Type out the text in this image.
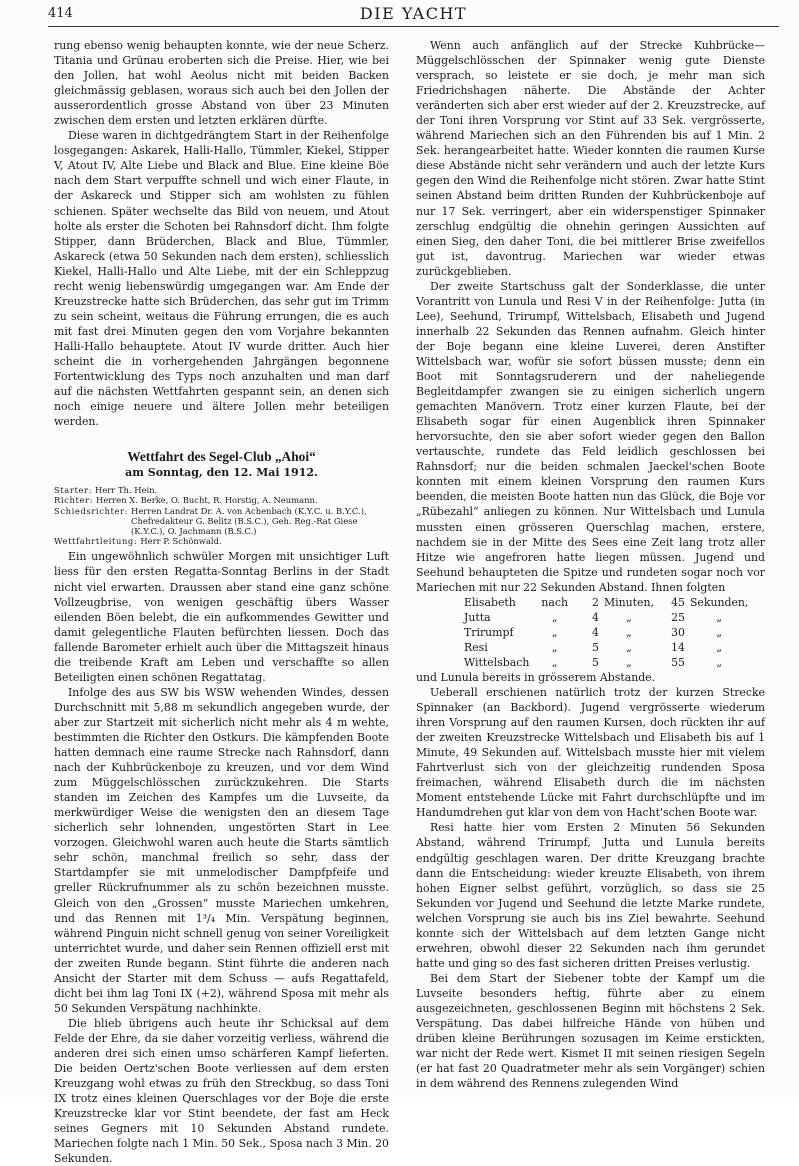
414	DIE YACHT

rung ebenso wenig behaupten konnte, wie der neue Scherz. Titania und Grünau eroberten sich die Preise. Hier, wie bei den Jollen, hat wohl Aeolus nicht mit beiden Backen gleichmässig geblasen, woraus sich auch bei den Jollen der ausserordentlich grosse Abstand von über 23 Minuten zwischen dem ersten und letzten erklären dürfte.

Diese waren in dichtgedrängtem Start in der Reihenfolge losgegangen: Askarek, Halli-Hallo, Tümmler, Kiekel, Stipper V, Atout IV, Alte Liebe und Black and Blue. Eine kleine Böe nach dem Start verpuffte schnell und wich einer Flaute, in der Askareck und Stipper sich am wohlsten zu fühlen schienen. Später wechselte das Bild von neuem, und Atout holte als erster die Schoten bei Rahnsdorf dicht. Ihm folgte Stipper, dann Brüderchen, Black and Blue, Tümmler, Askareck (etwa 50 Sekunden nach dem ersten), schliesslich Kiekel, Halli-Hallo und Alte Liebe, mit der ein Schleppzug recht wenig liebenswürdig umgegangen war. Am Ende der Kreuzstrecke hatte sich Brüderchen, das sehr gut im Trimm zu sein scheint, weitaus die Führung errungen, die es auch mit fast drei Minuten gegen den vom Vorjahre bekannten Halli-Hallo behauptete. Atout IV wurde dritter. Auch hier scheint die in vorhergehenden Jahrgängen begonnene Fortentwicklung des Typs noch anzuhalten und man darf auf die nächsten Wettfahrten gespannt sein, an denen sich noch einige neuere und ältere Jollen mehr beteiligen werden.

Wettfahrt des Segel-Club „Ahoi“
am Sonntag, den 12. Mai 1912.
Starter: Herr Th. Hein.
Richter: Herren X. Berke, O. Bucht, R. Horstig, A. Neumann.
Schiedsrichter: Herren Landrat Dr. A. von Achenbach (K.Y.C. u. B.Y.C.), Chefredakteur G. Belitz (B.S.C.), Geh. Reg.-Rat Giese (K.Y.C.), O. Jachmann (B.S.C.)
Wettfahrtleitung: Herr P. Schönwald.

Ein ungewöhnlich schwüler Morgen mit unsichtiger Luft liess für den ersten Regatta-Sonntag Berlins in der Stadt nicht viel erwarten. Draussen aber stand eine ganz schöne Vollzeugbrise, von wenigen geschäftig übers Wasser eilenden Böen belebt, die ein aufkommendes Gewitter und damit gelegentliche Flauten befürchten liessen. Doch das fallende Barometer erhielt auch über die Mittagszeit hinaus die treibende Kraft am Leben und verschaffte so allen Beteiligten einen schönen Regattatag.

Infolge des aus SW bis WSW wehenden Windes, dessen Durchschnitt mit 5,88 m sekundlich angegeben wurde, der aber zur Startzeit mit sicherlich nicht mehr als 4 m wehte, bestimmten die Richter den Ostkurs. Die kämpfenden Boote hatten demnach eine raume Strecke nach Rahnsdorf, dann nach der Kuhbrückenboje zu kreuzen, und vor dem Wind zum Müggelschlösschen zurückzukehren. Die Starts standen im Zeichen des Kampfes um die Luvseite, da merkwürdiger Weise die wenigsten den an diesem Tage sicherlich sehr lohnenden, ungestörten Start in Lee vorzogen. Gleichwohl waren auch heute die Starts sämtlich sehr schön, manchmal freilich so sehr, dass der Startdampfer sie mit unmelodischer Dampfpfeife und greller Rückrufnummer als zu schön bezeichnen musste. Gleich von den „Grossen“ musste Mariechen umkehren, und das Rennen mit 1³/₄ Min. Verspätung beginnen, während Pinguin nicht schnell genug von seiner Voreiligkeit unterrichtet wurde, und daher sein Rennen offiziell erst mit der zweiten Runde begann. Stint führte die anderen nach Ansicht der Starter mit dem Schuss — aufs Regattafeld, dicht bei ihm lag Toni IX (+2), während Sposa mit mehr als 50 Sekunden Verspätung nachhinkte.

Die blieb übrigens auch heute ihr Schicksal auf dem Felde der Ehre, da sie daher vorzeitig verliess, während die anderen drei sich einen umso schärferen Kampf lieferten. Die beiden Oertz'schen Boote verliessen auf dem ersten Kreuzgang wohl etwas zu früh den Streckbug, so dass Toni IX trotz eines kleinen Querschlages vor der Boje die erste Kreuzstrecke klar vor Stint beendete, der fast am Heck seines Gegners mit 10 Sekunden Abstand rundete. Mariechen folgte nach 1 Min. 50 Sek., Sposa nach 3 Min. 20 Sekunden.

Wenn auch anfänglich auf der Strecke Kuhbrücke—Müggelschlösschen der Spinnaker wenig gute Dienste versprach, so leistete er sie doch, je mehr man sich Friedrichshagen näherte. Die Abstände der Achter veränderten sich aber erst wieder auf der 2. Kreuzstrecke, auf der Toni ihren Vorsprung vor Stint auf 33 Sek. vergrösserte, während Mariechen sich an den Führenden bis auf 1 Min. 2 Sek. herangearbeitet hatte. Wieder konnten die raumen Kurse diese Abstände nicht sehr verändern und auch der letzte Kurs gegen den Wind die Reihenfolge nicht stören. Zwar hatte Stint seinen Abstand beim dritten Runden der Kuhbrückenboje auf nur 17 Sek. verringert, aber ein widerspenstiger Spinnaker zerschlug endgültig die ohnehin geringen Aussichten auf einen Sieg, den daher Toni, die bei mittlerer Brise zweifellos gut ist, davontrug. Mariechen war wieder etwas zurückgeblieben.

Der zweite Startschuss galt der Sonderklasse, die unter Vorantritt von Lunula und Resi V in der Reihenfolge: Jutta (in Lee), Seehund, Trirumpf, Wittelsbach, Elisabeth und Jugend innerhalb 22 Sekunden das Rennen aufnahm. Gleich hinter der Boje begann eine kleine Luverei, deren Anstifter Wittelsbach war, wofür sie sofort büssen musste; denn ein Boot mit Sonntagsruderern und der naheliegende Begleitdampfer zwangen sie zu einigen sicherlich ungern gemachten Manövern. Trotz einer kurzen Flaute, bei der Elisabeth sogar für einen Augenblick ihren Spinnaker hervorsuchte, den sie aber sofort wieder gegen den Ballon vertauschte, rundete das Feld leidlich geschlossen bei Rahnsdorf; nur die beiden schmalen Jaeckel'schen Boote konnten mit einem kleinen Vorsprung den raumen Kurs beenden, die meisten Boote hatten nun das Glück, die Boje vor „Rübezahl“ anliegen zu können. Nur Wittelsbach und Lunula mussten einen grösseren Querschlag machen, erstere, nachdem sie in der Mitte des Sees eine Zeit lang trotz aller Hitze wie angefroren hatte liegen müssen. Jugend und Seehund behaupteten die Spitze und rundeten sogar noch vor Mariechen mit nur 22 Sekunden Abstand. Ihnen folgten

Elisabeth	nach	2	Minuten,	45	Sekunden,
Jutta	„	4	„	25	„
Trirumpf	„	4	„	30	„
Resi	„	5	„	14	„
Wittelsbach	„	5	„	55	„

und Lunula bereits in grösserem Abstande.

Ueberall erschienen natürlich trotz der kurzen Strecke Spinnaker (an Backbord). Jugend vergrösserte wiederum ihren Vorsprung auf den raumen Kursen, doch rückten ihr auf der zweiten Kreuzstrecke Wittelsbach und Elisabeth bis auf 1 Minute, 49 Sekunden auf. Wittelsbach musste hier mit vielem Fahrtverlust sich von der gleichzeitig rundenden Sposa freimachen, während Elisabeth durch die im nächsten Moment entstehende Lücke mit Fahrt durchschlüpfte und im Handumdrehen gut klar von dem von Hacht'schen Boote war.

Resi hatte hier vom Ersten 2 Minuten 56 Sekunden Abstand, während Trirumpf, Jutta und Lunula bereits endgültig geschlagen waren. Der dritte Kreuzgang brachte dann die Entscheidung: wieder kreuzte Elisabeth, von ihrem hohen Eigner selbst geführt, vorzüglich, so dass sie 25 Sekunden vor Jugend und Seehund die letzte Marke rundete, welchen Vorsprung sie auch bis ins Ziel bewahrte. Seehund konnte sich der Wittelsbach auf dem letzten Gange nicht erwehren, obwohl dieser 22 Sekunden nach ihm gerundet hatte und ging so des fast sicheren dritten Preises verlustig.

Bei dem Start der Siebener tobte der Kampf um die Luvseite besonders heftig, führte aber zu einem ausgezeichneten, geschlossenen Beginn mit höchstens 2 Sek. Verspätung. Das dabei hilfreiche Hände von hüben und drüben kleine Berührungen sozusagen im Keime erstickten, war nicht der Rede wert. Kismet II mit seinen riesigen Segeln (er hat fast 20 Quadratmeter mehr als sein Vorgänger) schien in dem während des Rennens zulegenden Wind
